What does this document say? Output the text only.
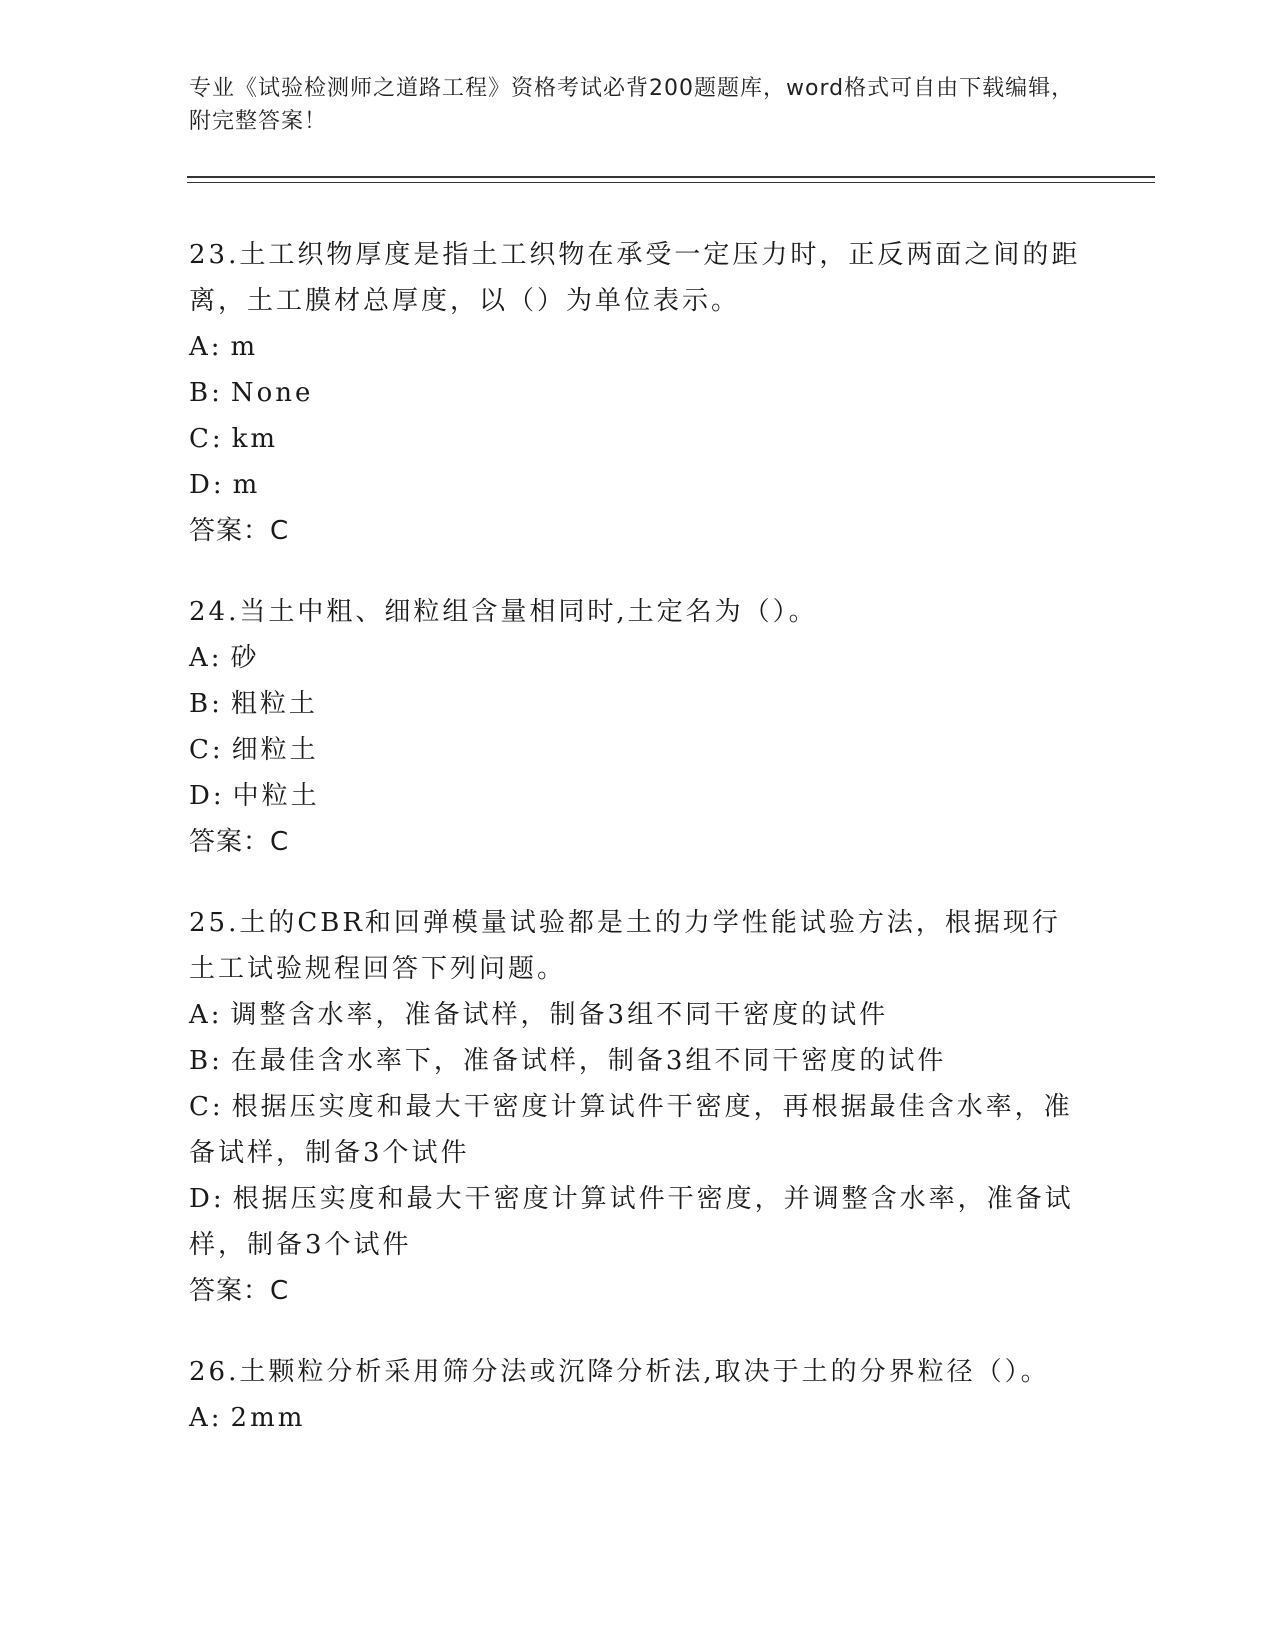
专业《试验检测师之道路工程》资格考试必背200题题库，word格式可自由下载编辑，附完整答案！

23.土工织物厚度是指土工织物在承受一定压力时，正反两面之间的距离，土工膜材总厚度，以（）为单位表示。

A: m

B: None

C: km

D: m

答案：C

24.当土中粗、细粒组含量相同时,土定名为（）。

A: 砂

B: 粗粒土

C: 细粒土

D: 中粒土

答案：C

25.土的CBR和回弹模量试验都是土的力学性能试验方法，根据现行土工试验规程回答下列问题。

A: 调整含水率，准备试样，制备3组不同干密度的试件

B: 在最佳含水率下，准备试样，制备3组不同干密度的试件

C: 根据压实度和最大干密度计算试件干密度，再根据最佳含水率，准备试样，制备3个试件

D: 根据压实度和最大干密度计算试件干密度，并调整含水率，准备试样，制备3个试件

答案：C

26.土颗粒分析采用筛分法或沉降分析法,取决于土的分界粒径（）。

A: 2mm
